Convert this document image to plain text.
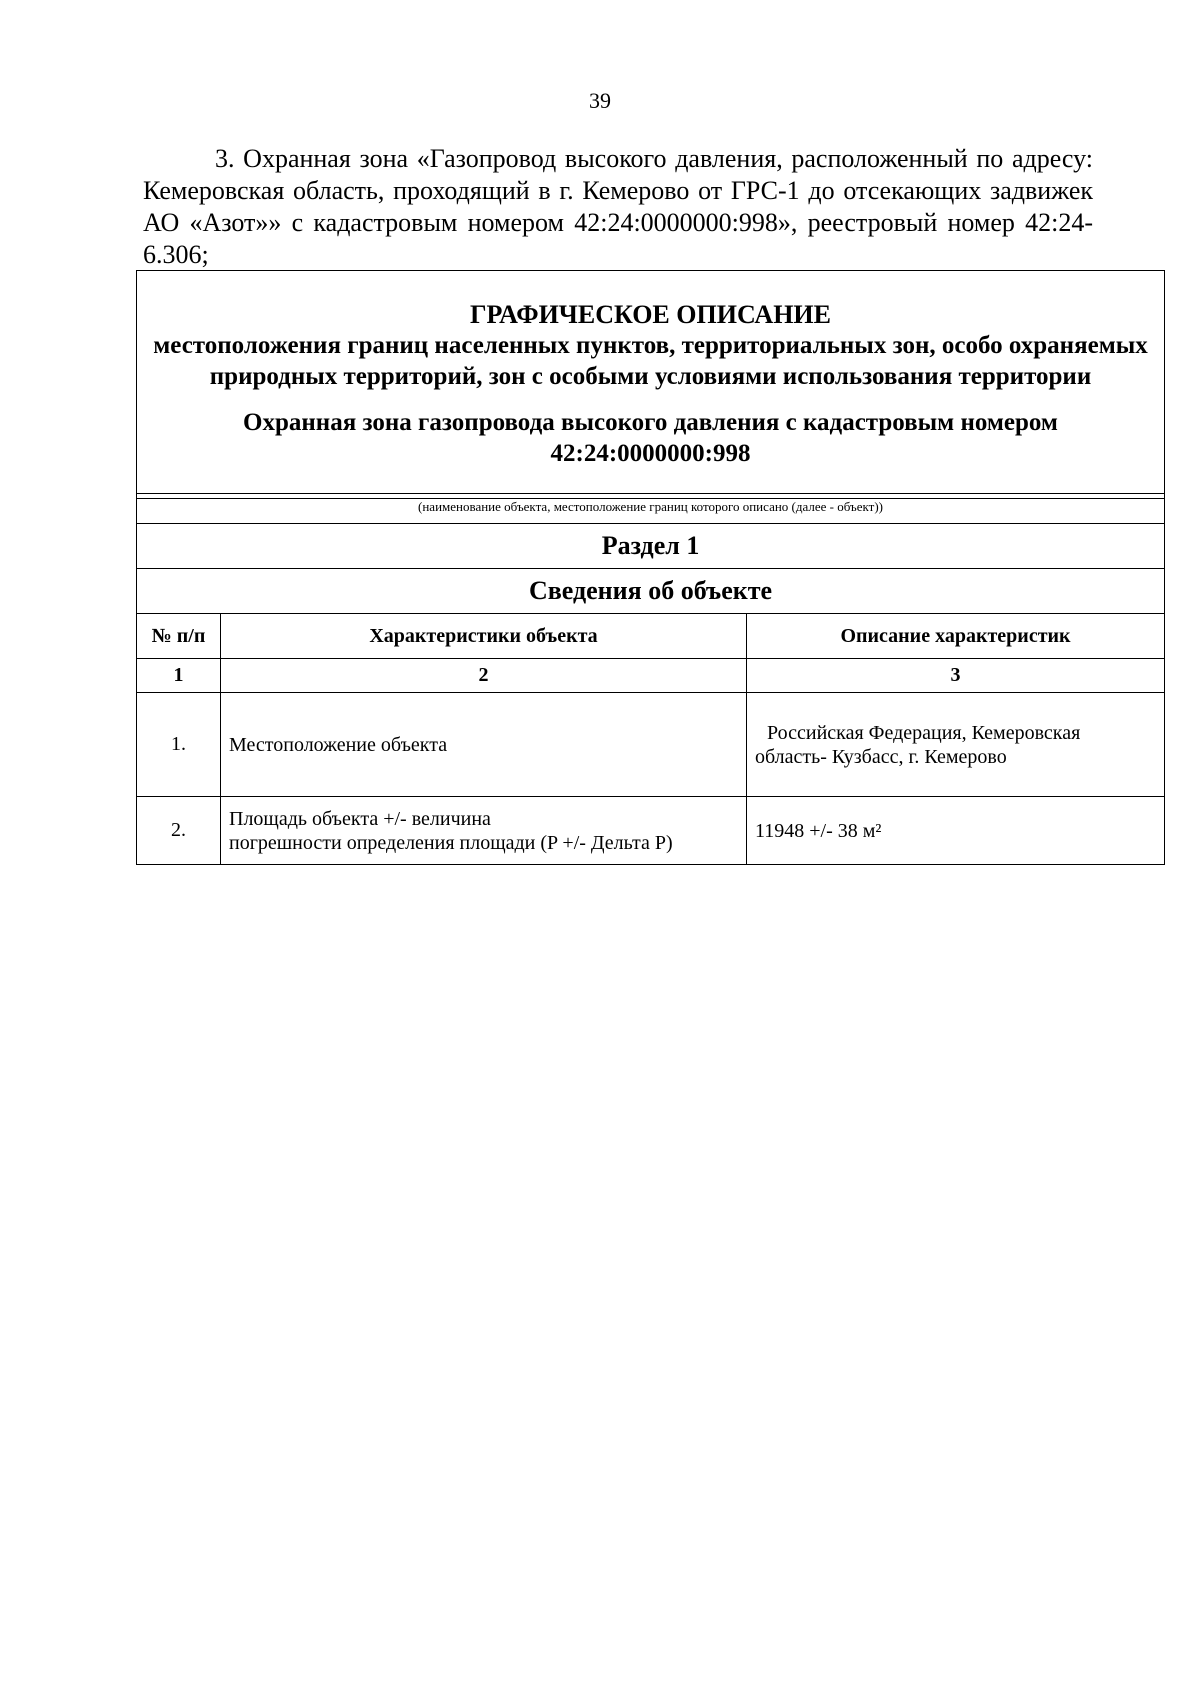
39

3. Охранная зона «Газопровод высокого давления, расположенный по адресу: Кемеровская область, проходящий в г. Кемерово от ГРС-1 до отсекающих задвижек АО «Азот»» с кадастровым номером 42:24:0000000:998», реестровый номер 42:24-6.306;

ГРАФИЧЕСКОЕ ОПИСАНИЕ
местоположения границ населенных пунктов, территориальных зон, особо охраняемых природных территорий, зон с особыми условиями использования территории
Охранная зона газопровода высокого давления с кадастровым номером
42:24:0000000:998		

(наименование объекта, местоположение границ которого описано (далее - объект))		
Раздел 1		
Сведения об объекте		
№ п/п	Характеристики объекта	Описание характеристик
1	2	3
1.	Местоположение объекта	Российская Федерация, Кемеровская
область- Кузбасс, г. Кемерово

2.	Площадь объекта +/- величина
погрешности определения площади (P +/- Дельта P)	11948 +/- 38 м²
